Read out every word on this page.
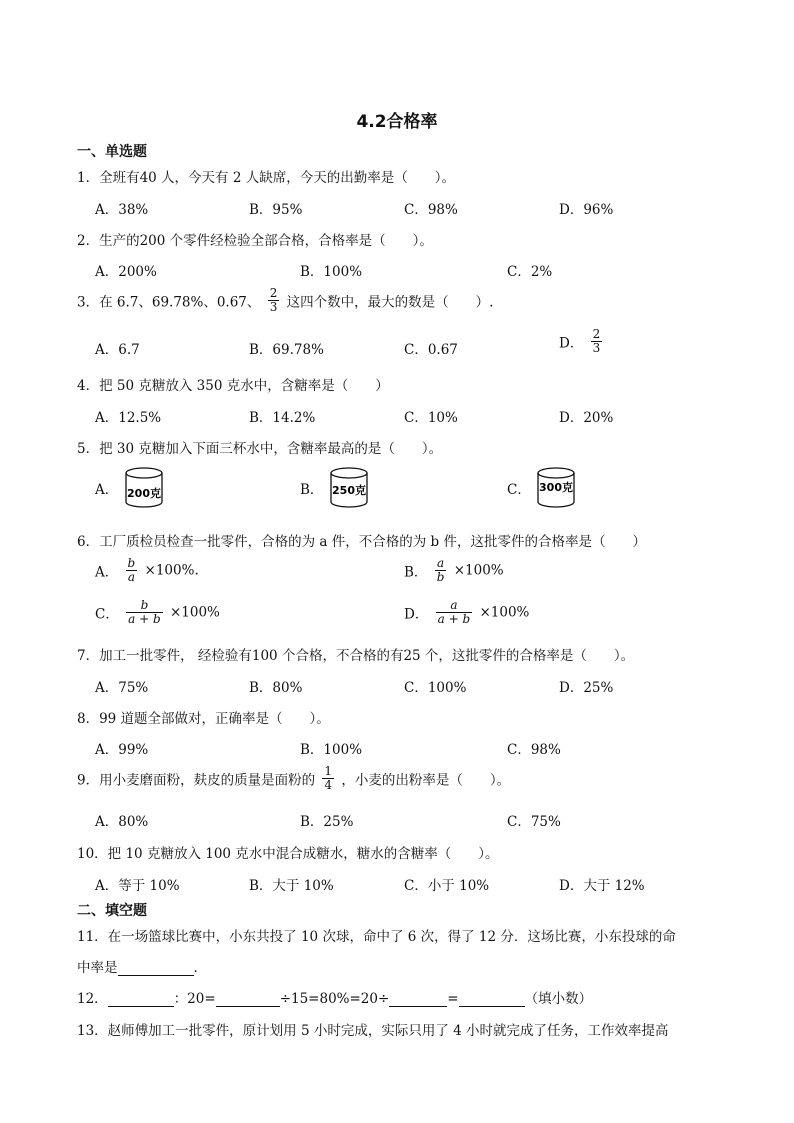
4.2合格率
一、单选题
1．全班有40 人，今天有 2 人缺席，今天的出勤率是（　　）。
A．38%	B．95%	C．98%	D．96%
2．生产的200 个零件经检验全部合格，合格率是（　　）。
A．200%	B．100%	C．2%
3．在 6.7、69.78%、0.67、 $\frac{2}{3}$ 这四个数中，最大的数是（　　）.
A．6.7	B．69.78%	C．0.67	D． $\frac{2}{3}$
4．把 50 克糖放入 350 克水中，含糖率是（　　）
A．12.5%	B．14.2%	C．10%	D．20%
5．把 30 克糖加入下面三杯水中，含糖率最高的是（　　）。
A． 200克	B． 250克	C． 300克
6．工厂质检员检查一批零件，合格的为 a 件，不合格的为 b 件，这批零件的合格率是（　　）
A． $\frac{b}{a} \times 100\%$.	B． $\frac{a}{b} \times 100\%$
C． $\frac{b}{a + b} \times 100\%$	D． $\frac{a}{a + b} \times 100\%$
7．加工一批零件， 经检验有100 个合格，不合格的有25 个，这批零件的合格率是（　　）。
A．75%	B．80%	C．100%	D．25%
8．99 道题全部做对，正确率是（　　）。
A．99%	B．100%	C．98%
9．用小麦磨面粉，麸皮的质量是面粉的 $\frac{1}{4}$ ，小麦的出粉率是（　　）。
A．80%	B．25%	C．75%
10．把 10 克糖放入 100 克水中混合成糖水，糖水的含糖率（　　）。
A．等于 10%	B．大于 10%	C．小于 10%	D．大于 12%
二、填空题
11．在一场篮球比赛中，小东共投了 10 次球，命中了 6 次，得了 12 分．这场比赛，小东投球的命
中率是	．
12．	：20=	÷15=80%=20÷	=	（填小数）
13．赵师傅加工一批零件，原计划用 5 小时完成，实际只用了 4 小时就完成了任务，工作效率提高
